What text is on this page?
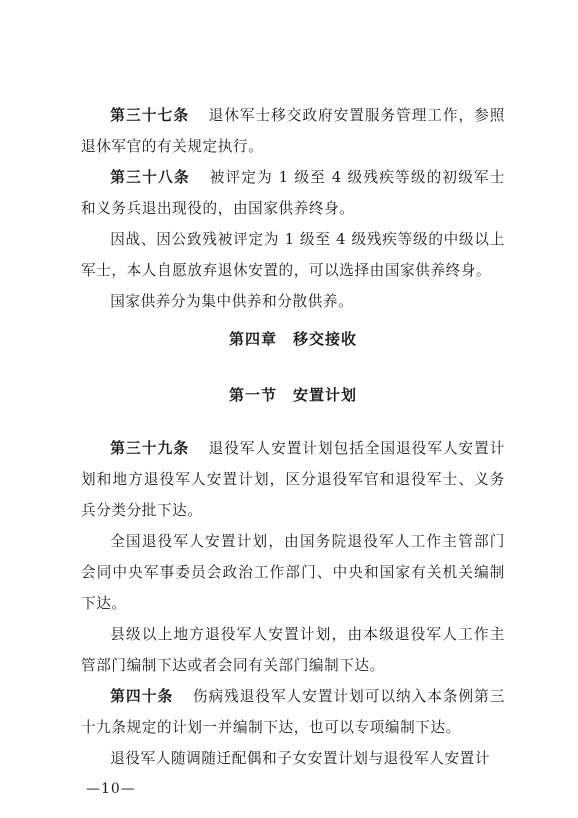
第三十七条 退休军士移交政府安置服务管理工作，参照退休军官的有关规定执行。

第三十八条 被评定为 1 级至 4 级残疾等级的初级军士和义务兵退出现役的，由国家供养终身。

因战、因公致残被评定为 1 级至 4 级残疾等级的中级以上军士，本人自愿放弃退休安置的，可以选择由国家供养终身。

国家供养分为集中供养和分散供养。

第四章　移交接收
第一节　安置计划

第三十九条 退役军人安置计划包括全国退役军人安置计划和地方退役军人安置计划，区分退役军官和退役军士、义务兵分类分批下达。

全国退役军人安置计划，由国务院退役军人工作主管部门会同中央军事委员会政治工作部门、中央和国家有关机关编制下达。

县级以上地方退役军人安置计划，由本级退役军人工作主管部门编制下达或者会同有关部门编制下达。

第四十条 伤病残退役军人安置计划可以纳入本条例第三十九条规定的计划一并编制下达，也可以专项编制下达。

退役军人随调随迁配偶和子女安置计划与退役军人安置计

—10—
